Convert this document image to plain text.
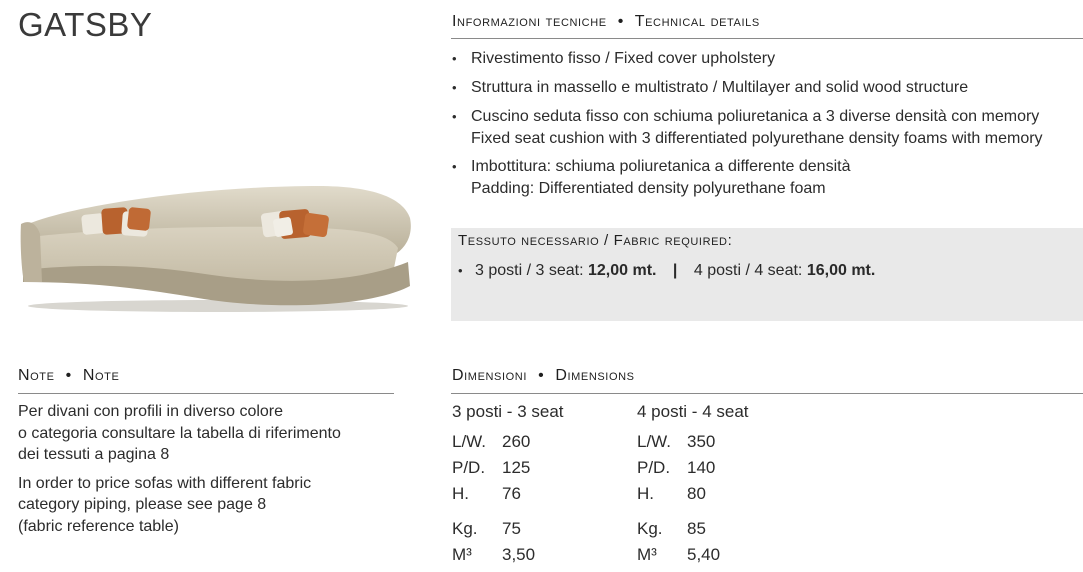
GATSBY	Informazioni tecniche • Technical details
• Rivestimento fisso / Fixed cover upholstery
• Struttura in massello e multistrato / Multilayer and solid wood structure
• Cuscino seduta fisso con schiuma poliuretanica a 3 diverse densità con memory
Fixed seat cushion with 3 differentiated polyurethane density foams with memory
• Imbottitura: schiuma poliuretanica a differente densità
Padding: Differentiated density polyurethane foam
Tessuto necessario / Fabric required:
• 3 posti / 3 seat: 12,00 mt. | 4 posti / 4 seat: 16,00 mt.
Note • Note

Per divani con profili in diverso colore
o categoria consultare la tabella di riferimento
dei tessuti a pagina 8

In order to price sofas with different fabric
category piping, please see page 8
(fabric reference table)

Dimensioni • Dimensions
3 posti - 3 seat
L/W. 260
P/D. 125
H. 76
Kg. 75
M³ 3,50
4 posti - 4 seat
L/W. 350
P/D. 140
H. 80
Kg. 85
M³ 5,40
